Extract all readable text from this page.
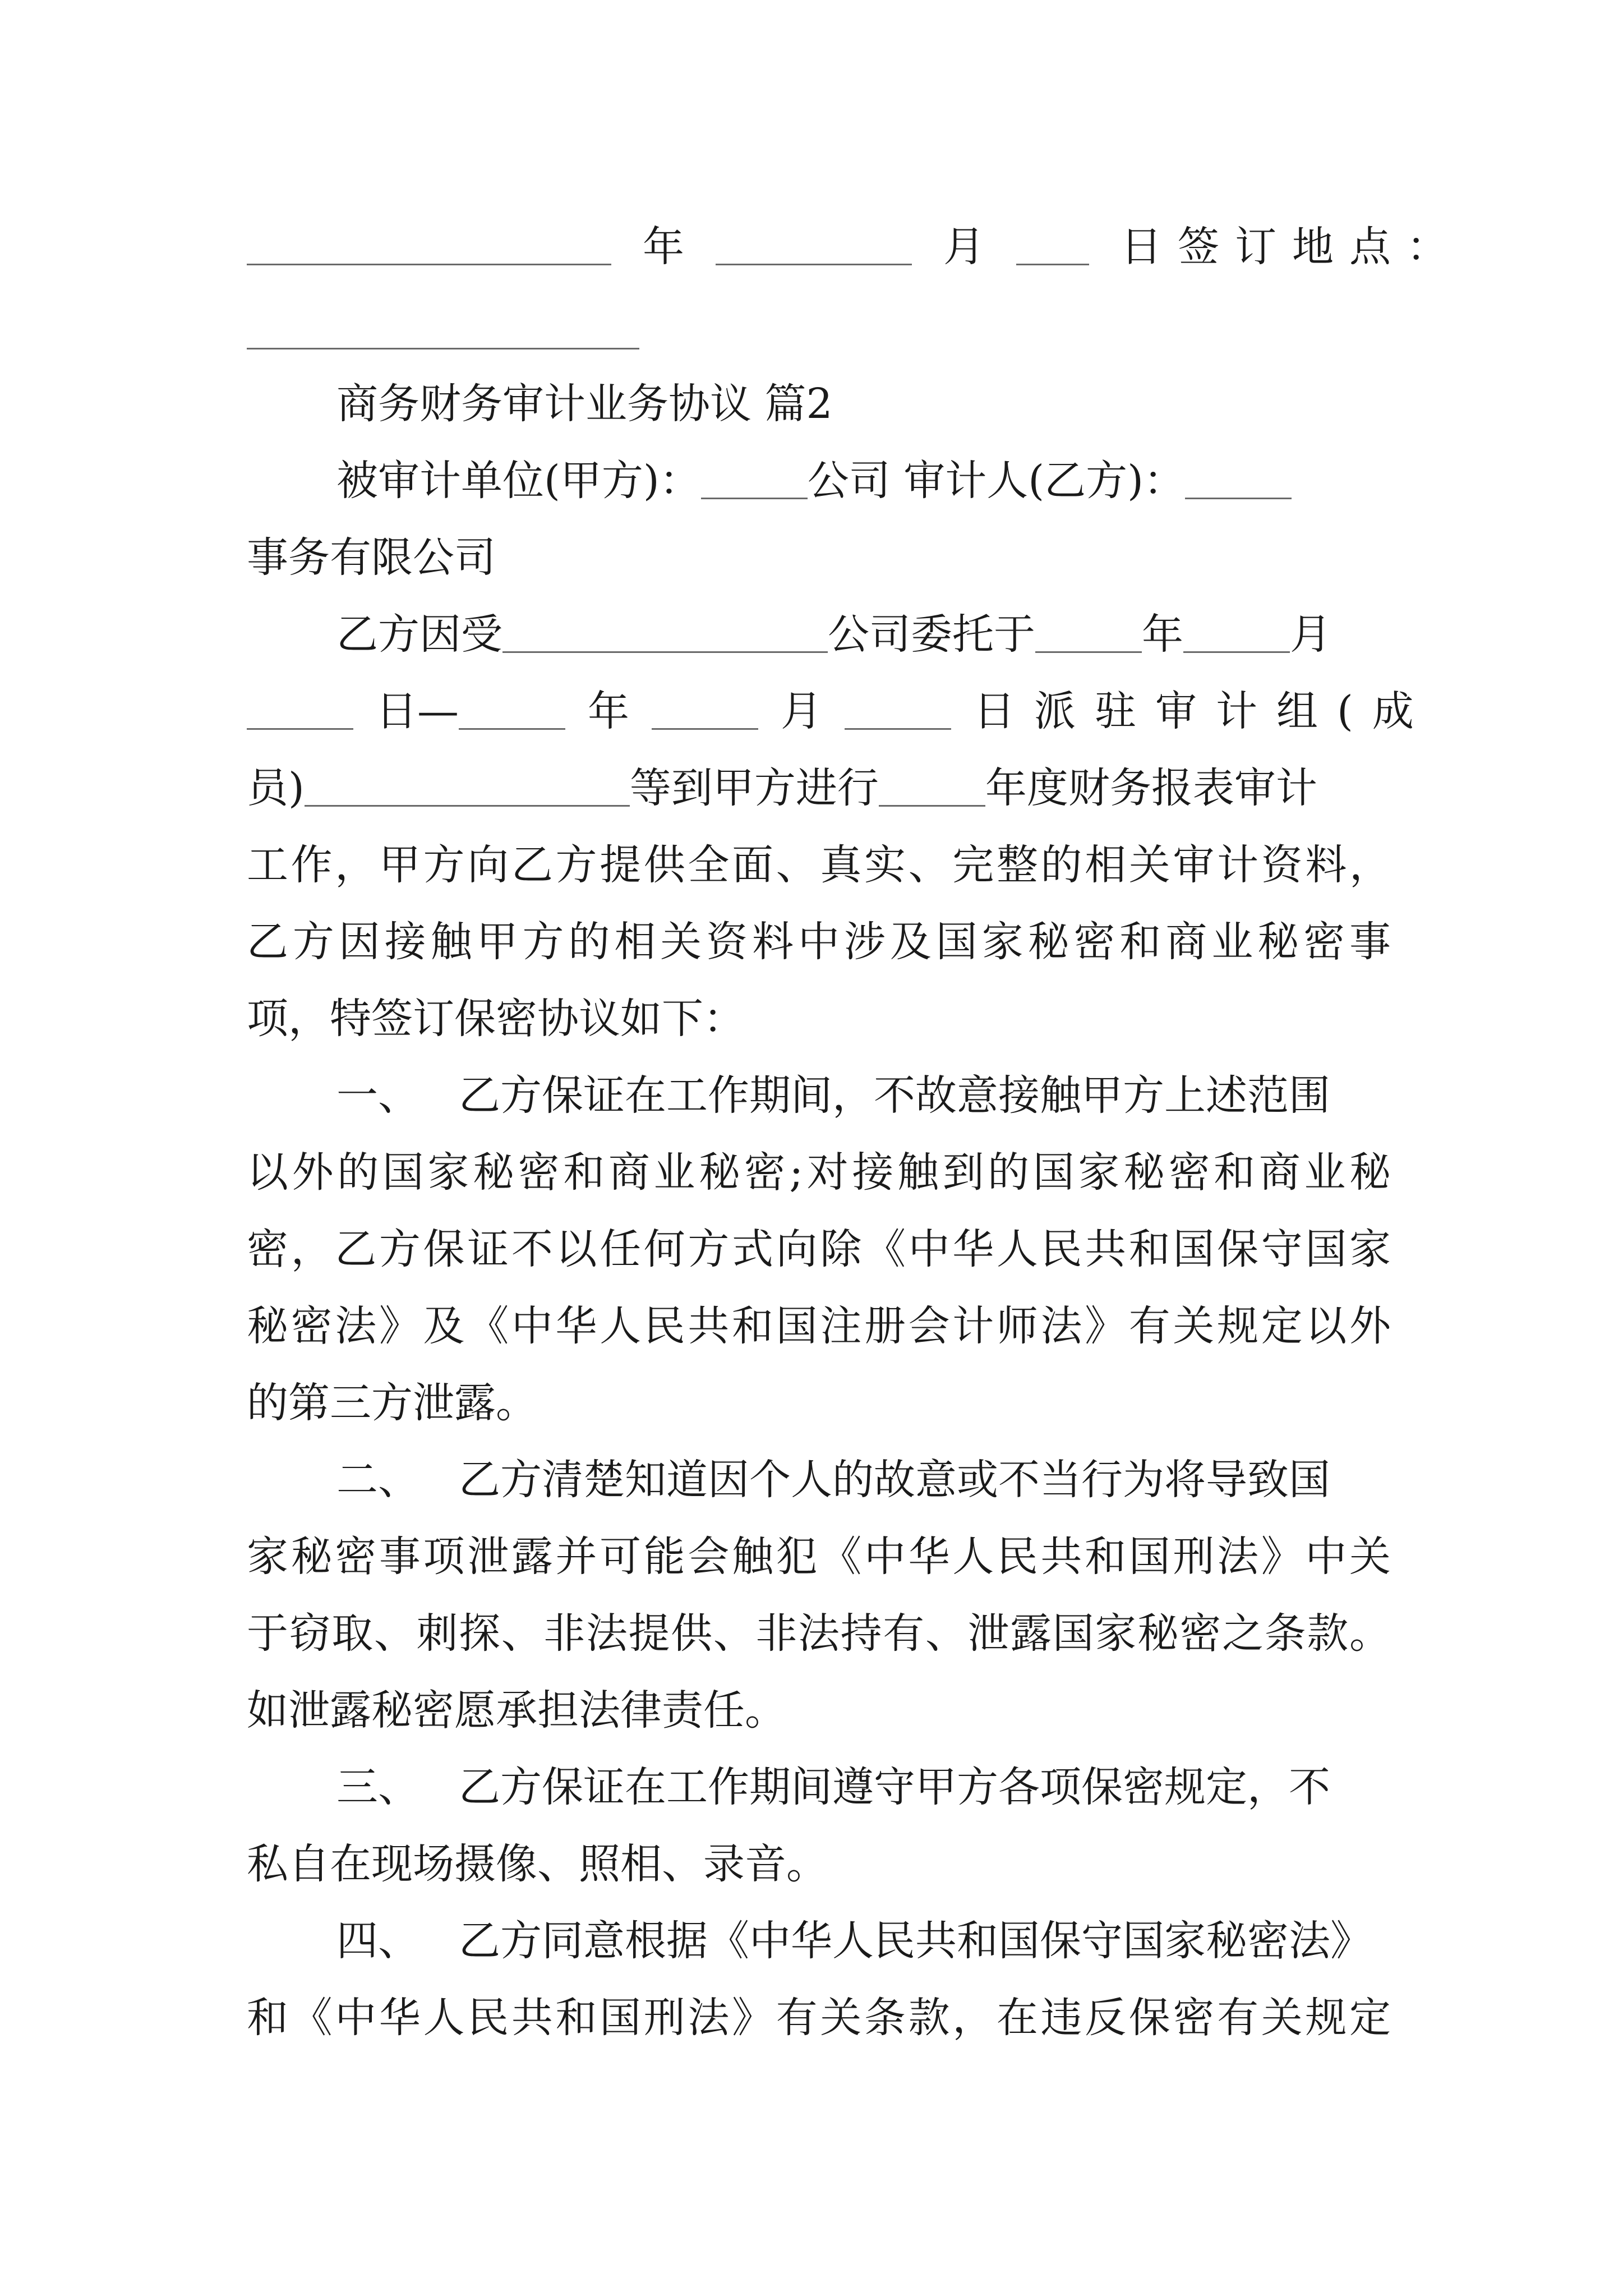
年	月	日签订地点：
商务财务审计业务协议 篇2
被审计单位(甲方)：	公司 审计人(乙方)：
事务有限公司
乙方因受	公司委托于	年	月
日—	年	月	日派驻审计组(成
员)	等到甲方进行	年度财务报表审计
工作，甲方向乙方提供全面、真实、完整的相关审计资料，
乙方因接触甲方的相关资料中涉及国家秘密和商业秘密事
项，特签订保密协议如下：
一、 乙方保证在工作期间，不故意接触甲方上述范围
以外的国家秘密和商业秘密;对接触到的国家秘密和商业秘
密，乙方保证不以任何方式向除《中华人民共和国保守国家
秘密法》及《中华人民共和国注册会计师法》有关规定以外
的第三方泄露。
二、 乙方清楚知道因个人的故意或不当行为将导致国
家秘密事项泄露并可能会触犯《中华人民共和国刑法》中关
于窃取、刺探、非法提供、非法持有、泄露国家秘密之条款。
如泄露秘密愿承担法律责任。
三、 乙方保证在工作期间遵守甲方各项保密规定，不
私自在现场摄像、照相、录音。
四、 乙方同意根据《中华人民共和国保守国家秘密法》
和《中华人民共和国刑法》有关条款，在违反保密有关规定
